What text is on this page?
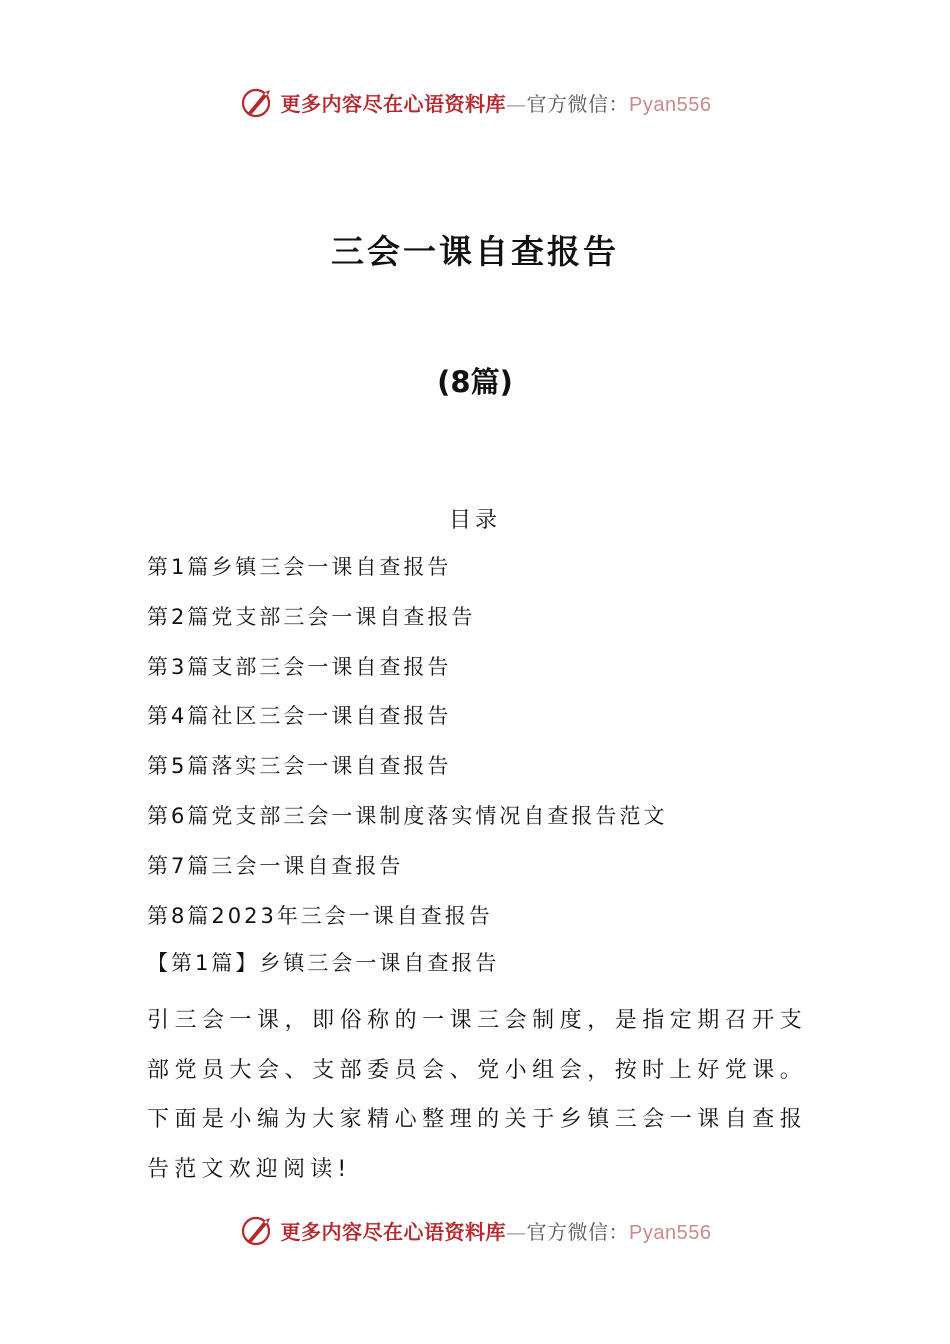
更多内容尽在心语资料库—官方微信：Pyan556
三会一课自查报告
(8篇)
目录
第1篇乡镇三会一课自查报告
第2篇党支部三会一课自查报告
第3篇支部三会一课自查报告
第4篇社区三会一课自查报告
第5篇落实三会一课自查报告
第6篇党支部三会一课制度落实情况自查报告范文
第7篇三会一课自查报告
第8篇2023年三会一课自查报告
【第1篇】乡镇三会一课自查报告

引三会一课，即俗称的一课三会制度，是指定期召开支部党员大会、支部委员会、党小组会，按时上好党课。下面是小编为大家精心整理的关于乡镇三会一课自查报告范文欢迎阅读!

更多内容尽在心语资料库—官方微信：Pyan556
